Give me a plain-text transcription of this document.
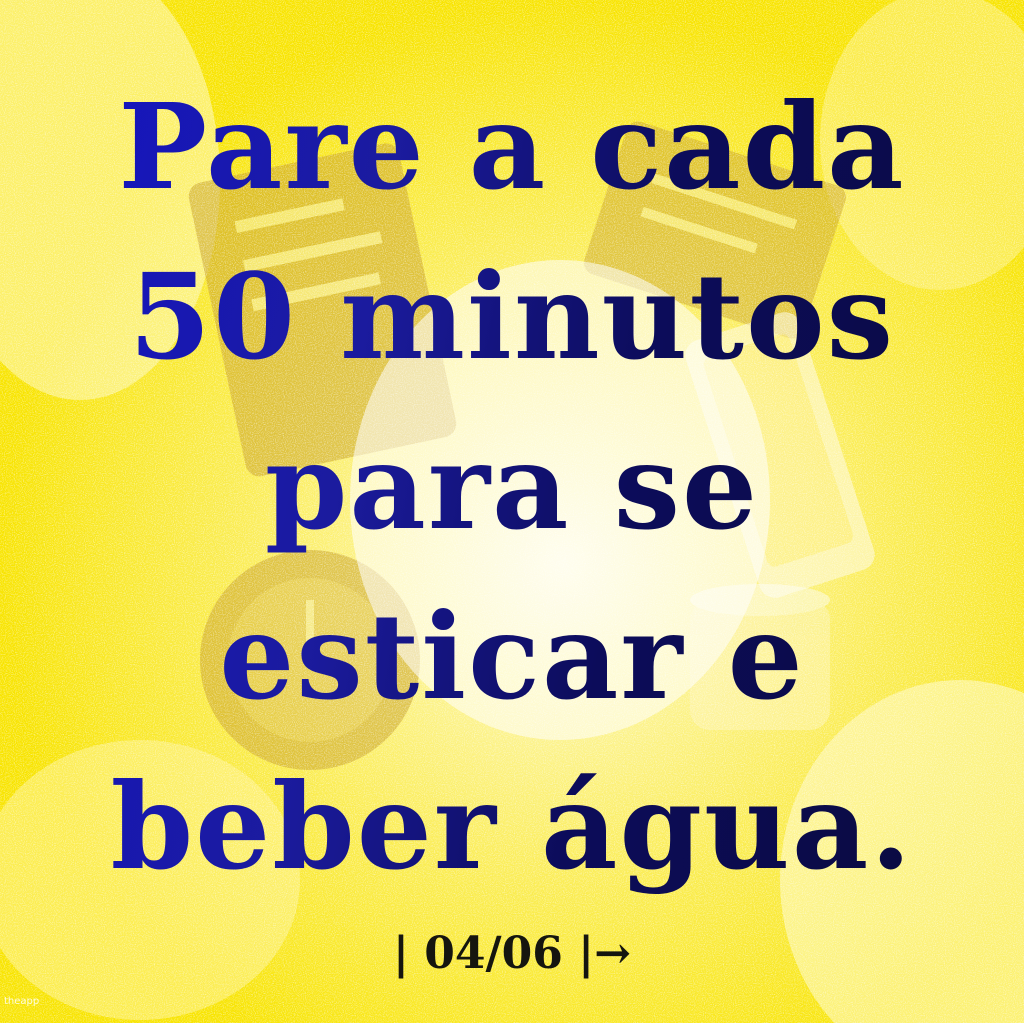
Pare a cada
50 minutos
para se
esticar e
beber água.
| 04/06 |→
theapp
